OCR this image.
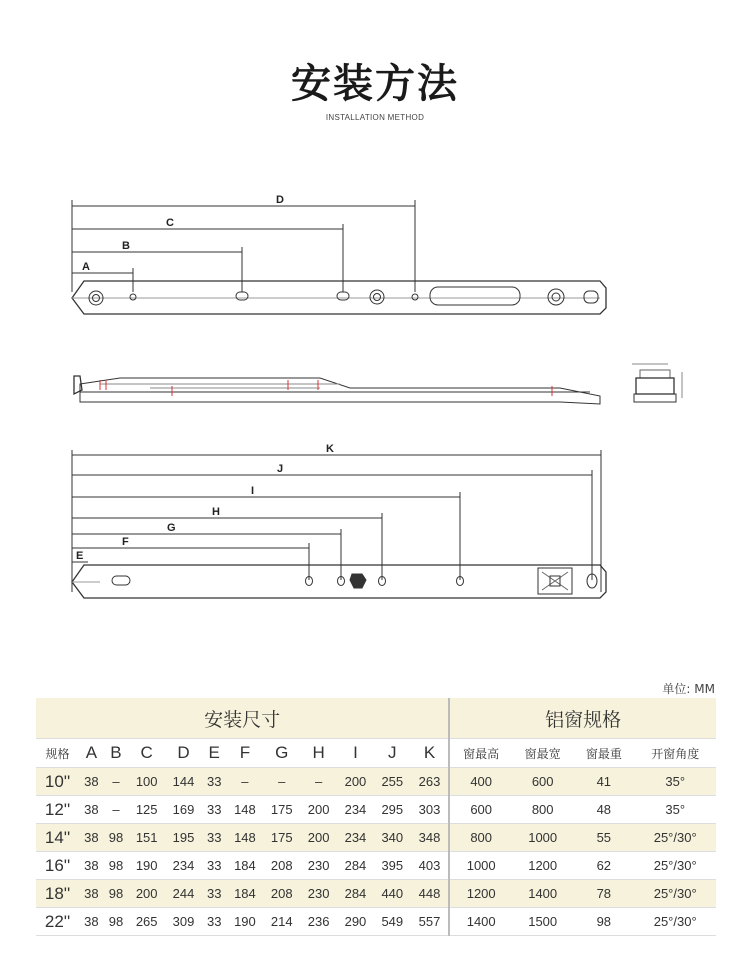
安装方法
INSTALLATION METHOD
D
C
B
A
K
J
I
H
G
F
E
单位: MM
安装尺寸												铝窗规格			
规格	A	B	C	D	E	F	G	H	I	J	K	窗最高	窗最宽	窗最重	开窗角度
10''	38	–	100	144	33	–	–	–	200	255	263	400	600	41	35°
12''	38	–	125	169	33	148	175	200	234	295	303	600	800	48	35°
14''	38	98	151	195	33	148	175	200	234	340	348	800	1000	55	25°/30°
16''	38	98	190	234	33	184	208	230	284	395	403	1000	1200	62	25°/30°
18''	38	98	200	244	33	184	208	230	284	440	448	1200	1400	78	25°/30°
22''	38	98	265	309	33	190	214	236	290	549	557	1400	1500	98	25°/30°
